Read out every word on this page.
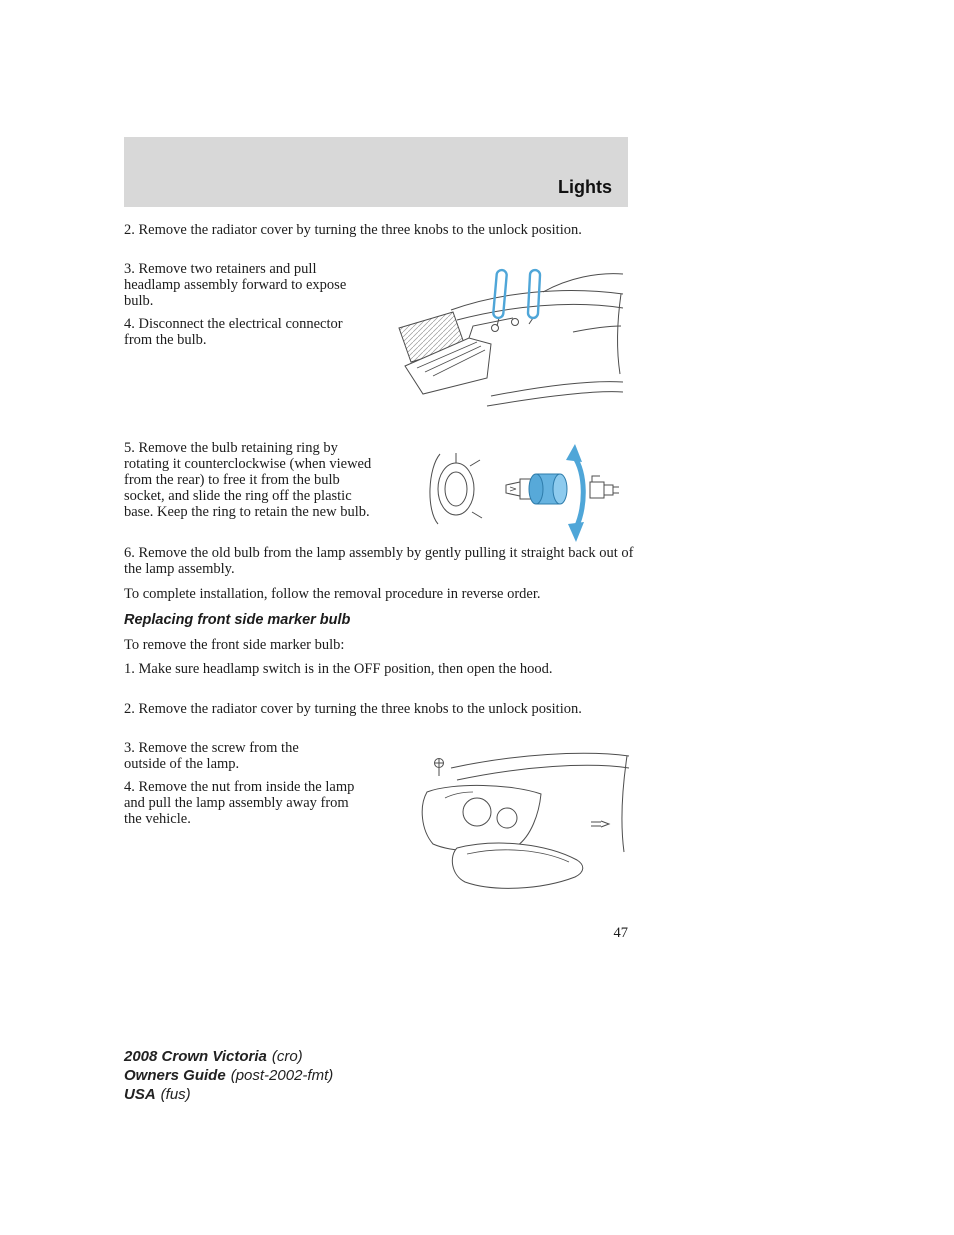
Lights

2. Remove the radiator cover by turning the three knobs to the unlock position.

3. Remove two retainers and pull headlamp assembly forward to expose bulb.

4. Disconnect the electrical connector from the bulb.

5. Remove the bulb retaining ring by rotating it counterclockwise (when viewed from the rear) to free it from the bulb socket, and slide the ring off the plastic base. Keep the ring to retain the new bulb.

6. Remove the old bulb from the lamp assembly by gently pulling it straight back out of the lamp assembly.

To complete installation, follow the removal procedure in reverse order.

Replacing front side marker bulb

To remove the front side marker bulb:

1. Make sure headlamp switch is in the OFF position, then open the hood.

2. Remove the radiator cover by turning the three knobs to the unlock position.

3. Remove the screw from the outside of the lamp.

4. Remove the nut from inside the lamp and pull the lamp assembly away from the vehicle.

47
2008 Crown Victoria (cro)
Owners Guide (post-2002-fmt)
USA (fus)
